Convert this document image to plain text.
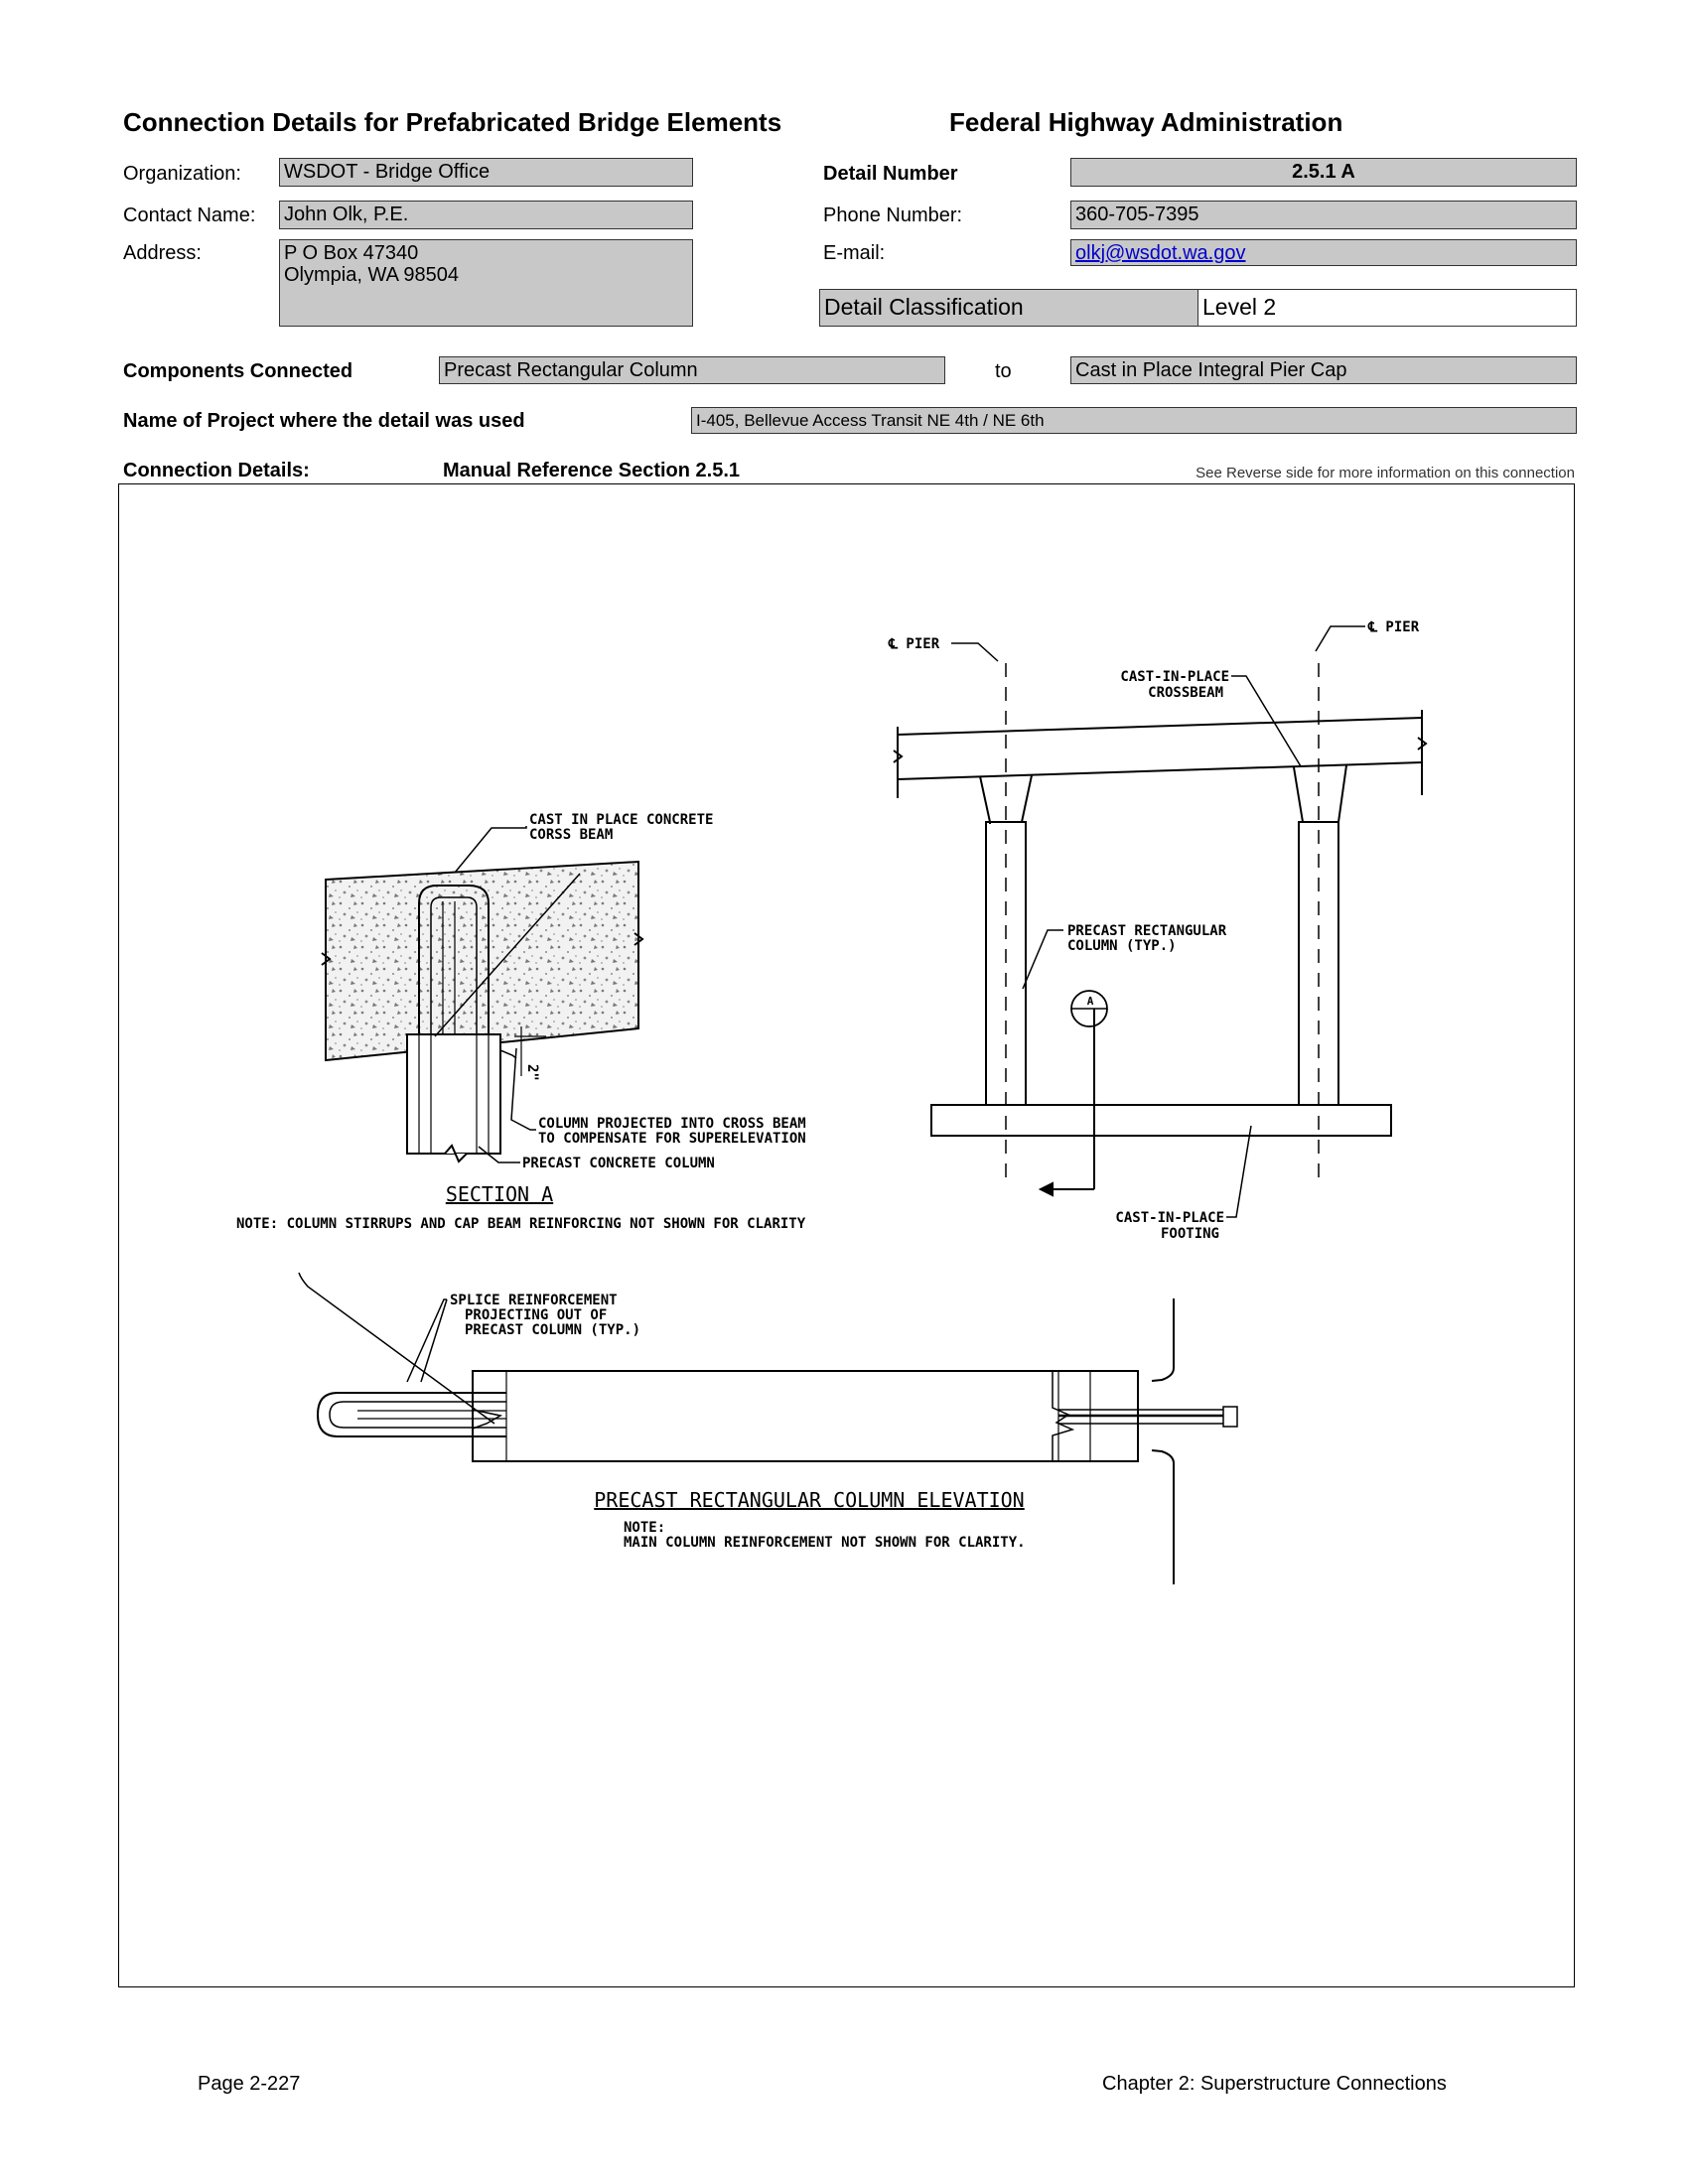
Connection Details for Prefabricated Bridge Elements	Federal Highway Administration
Organization: WSDOT - Bridge Office
Contact Name: John Olk, P.E.
Address:	P O Box 47340
Olympia, WA 98504
Detail Number	2.5.1 A
Phone Number:	360-705-7395
E-mail:	olkj@wsdot.wa.gov
Detail Classification	Level 2
Components Connected	Precast Rectangular Column	to	Cast in Place Integral Pier Cap
Name of Project where the detail was used	I-405, Bellevue Access Transit NE 4th / NE 6th
Connection Details:	Manual Reference Section 2.5.1	See Reverse side for more information on this connection
A
℄ PIER
℄ PIER
CAST-IN-PLACE
CROSSBEAM
PRECAST RECTANGULAR
COLUMN (TYP.)
CAST-IN-PLACE
FOOTING
CAST IN PLACE CONCRETE
CORSS BEAM
2"
COLUMN PROJECTED INTO CROSS BEAM
TO COMPENSATE FOR SUPERELEVATION
PRECAST CONCRETE COLUMN
SECTION A
NOTE: COLUMN STIRRUPS AND CAP BEAM REINFORCING NOT SHOWN FOR CLARITY
SPLICE REINFORCEMENT
PROJECTING OUT OF
PRECAST COLUMN (TYP.)
PRECAST RECTANGULAR COLUMN ELEVATION
NOTE:
MAIN COLUMN REINFORCEMENT NOT SHOWN FOR CLARITY.
Page 2-227	Chapter 2: Superstructure Connections
